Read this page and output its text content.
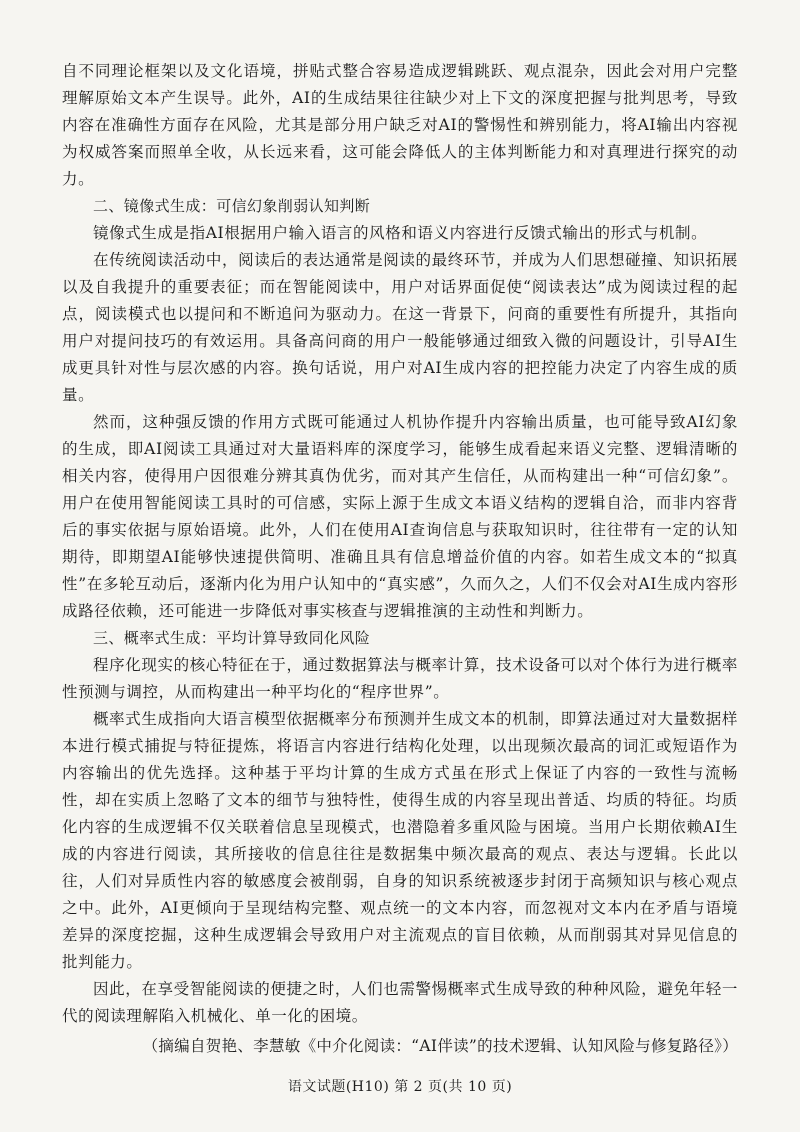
自不同理论框架以及文化语境，拼贴式整合容易造成逻辑跳跃、观点混杂，因此会对用户完整理解原始文本产生误导。此外，AI的生成结果往往缺少对上下文的深度把握与批判思考，导致内容在准确性方面存在风险，尤其是部分用户缺乏对AI的警惕性和辨别能力，将AI输出内容视为权威答案而照单全收，从长远来看，这可能会降低人的主体判断能力和对真理进行探究的动力。

二、镜像式生成：可信幻象削弱认知判断

镜像式生成是指AI根据用户输入语言的风格和语义内容进行反馈式输出的形式与机制。

在传统阅读活动中，阅读后的表达通常是阅读的最终环节，并成为人们思想碰撞、知识拓展以及自我提升的重要表征；而在智能阅读中，用户对话界面促使“阅读表达”成为阅读过程的起点，阅读模式也以提问和不断追问为驱动力。在这一背景下，问商的重要性有所提升，其指向用户对提问技巧的有效运用。具备高问商的用户一般能够通过细致入微的问题设计，引导AI生成更具针对性与层次感的内容。换句话说，用户对AI生成内容的把控能力决定了内容生成的质量。

然而，这种强反馈的作用方式既可能通过人机协作提升内容输出质量，也可能导致AI幻象的生成，即AI阅读工具通过对大量语料库的深度学习，能够生成看起来语义完整、逻辑清晰的相关内容，使得用户因很难分辨其真伪优劣，而对其产生信任，从而构建出一种“可信幻象”。用户在使用智能阅读工具时的可信感，实际上源于生成文本语义结构的逻辑自洽，而非内容背后的事实依据与原始语境。此外，人们在使用AI查询信息与获取知识时，往往带有一定的认知期待，即期望AI能够快速提供简明、准确且具有信息增益价值的内容。如若生成文本的“拟真性”在多轮互动后，逐渐内化为用户认知中的“真实感”，久而久之，人们不仅会对AI生成内容形成路径依赖，还可能进一步降低对事实核查与逻辑推演的主动性和判断力。

三、概率式生成：平均计算导致同化风险

程序化现实的核心特征在于，通过数据算法与概率计算，技术设备可以对个体行为进行概率性预测与调控，从而构建出一种平均化的“程序世界”。

概率式生成指向大语言模型依据概率分布预测并生成文本的机制，即算法通过对大量数据样本进行模式捕捉与特征提炼，将语言内容进行结构化处理，以出现频次最高的词汇或短语作为内容输出的优先选择。这种基于平均计算的生成方式虽在形式上保证了内容的一致性与流畅性，却在实质上忽略了文本的细节与独特性，使得生成的内容呈现出普适、均质的特征。均质化内容的生成逻辑不仅关联着信息呈现模式，也潜隐着多重风险与困境。当用户长期依赖AI生成的内容进行阅读，其所接收的信息往往是数据集中频次最高的观点、表达与逻辑。长此以往，人们对异质性内容的敏感度会被削弱，自身的知识系统被逐步封闭于高频知识与核心观点之中。此外，AI更倾向于呈现结构完整、观点统一的文本内容，而忽视对文本内在矛盾与语境差异的深度挖掘，这种生成逻辑会导致用户对主流观点的盲目依赖，从而削弱其对异见信息的批判能力。

因此，在享受智能阅读的便捷之时，人们也需警惕概率式生成导致的种种风险，避免年轻一代的阅读理解陷入机械化、单一化的困境。

（摘编自贺艳、李慧敏《中介化阅读：“AI伴读”的技术逻辑、认知风险与修复路径》）

语文试题(H10) 第 2 页(共 10 页)
